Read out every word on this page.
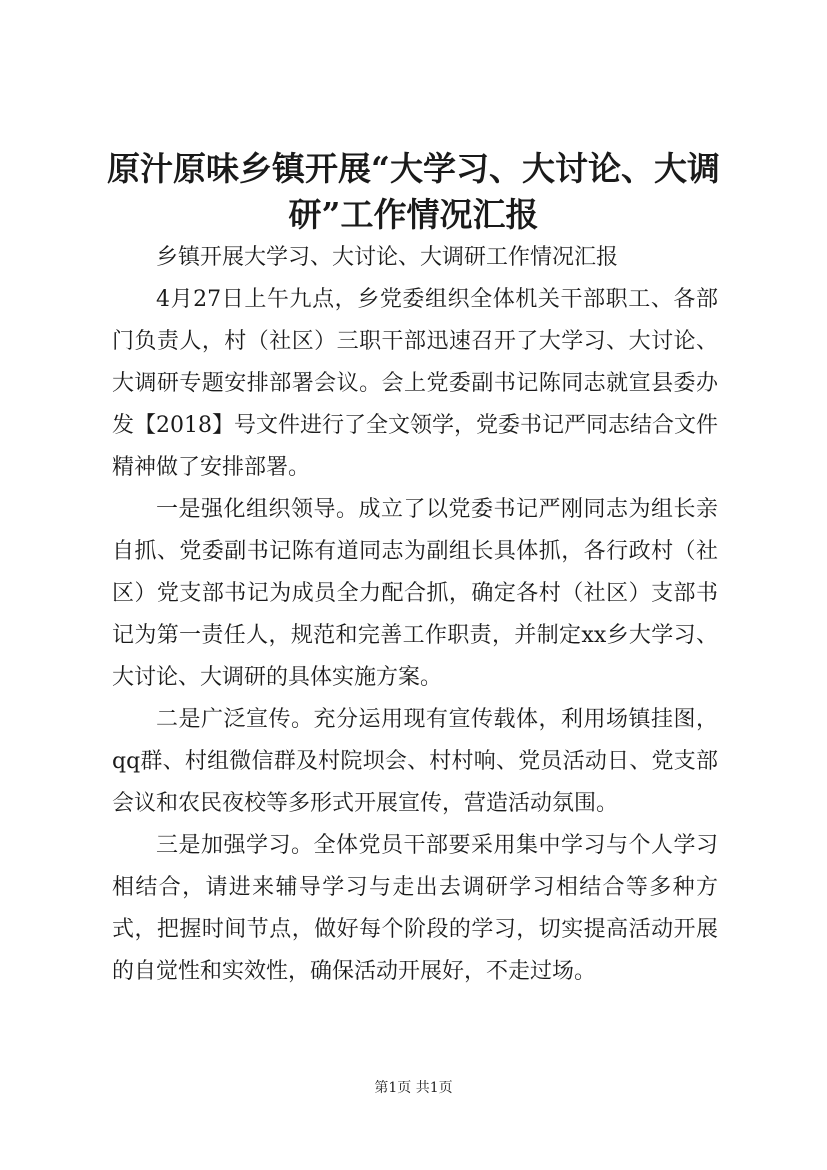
原汁原味乡镇开展“大学习、大讨论、大调研”工作情况汇报

乡镇开展大学习、大讨论、大调研工作情况汇报

4月27日上午九点，乡党委组织全体机关干部职工、各部门负责人，村（社区）三职干部迅速召开了大学习、大讨论、大调研专题安排部署会议。会上党委副书记陈同志就宣县委办发【2018】号文件进行了全文领学，党委书记严同志结合文件精神做了安排部署。

一是强化组织领导。成立了以党委书记严刚同志为组长亲自抓、党委副书记陈有道同志为副组长具体抓，各行政村（社区）党支部书记为成员全力配合抓，确定各村（社区）支部书记为第一责任人，规范和完善工作职责，并制定xx乡大学习、大讨论、大调研的具体实施方案。

二是广泛宣传。充分运用现有宣传载体，利用场镇挂图，qq群、村组微信群及村院坝会、村村响、党员活动日、党支部会议和农民夜校等多形式开展宣传，营造活动氛围。

三是加强学习。全体党员干部要采用集中学习与个人学习相结合，请进来辅导学习与走出去调研学习相结合等多种方式，把握时间节点，做好每个阶段的学习，切实提高活动开展的自觉性和实效性，确保活动开展好，不走过场。

第1页 共1页
